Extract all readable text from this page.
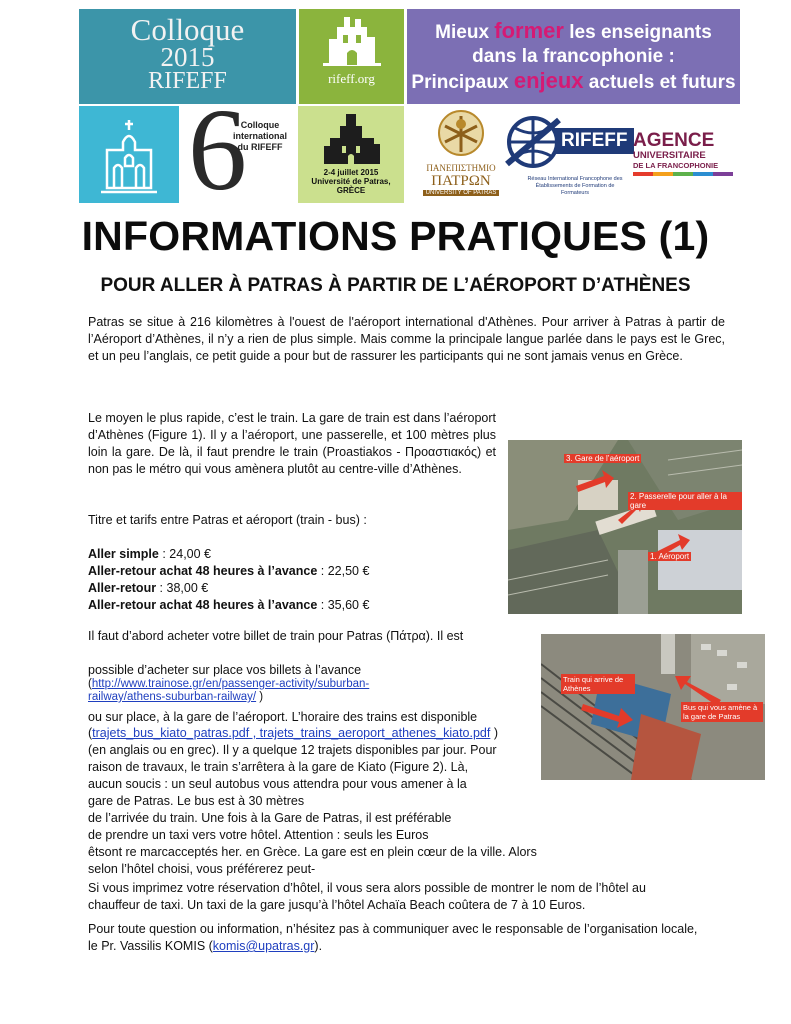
Colloque
2015
RIFEFF	rifeff.org
Mieux former les enseignants
dans la francophonie :
Principaux enjeux actuels et futurs
6
Colloque
international
du RIFEFF
2-4 juillet 2015
Université de Patras, GRÈCE
ΠΑΝΕΠΙΣΤΗΜΙΟ
ΠΑΤΡΩΝ
UNIVERSITY OF PATRAS
RIFEFF
Réseau International Francophone des
Établissements de Formation de Formateurs
AGENCE
UNIVERSITAIRE
DE LA FRANCOPHONIE
INFORMATIONS PRATIQUES (1)
POUR ALLER À PATRAS À PARTIR DE L’AÉROPORT D’ATHÈNES
Patras se situe à 216 kilomètres à l'ouest de l'aéroport international d'Athènes. Pour arriver à Patras à partir de l’Aéroport d’Athènes, il n’y a rien de plus simple. Mais comme la principale langue parlée dans le pays est le Grec, et un peu l’anglais, ce petit guide a pour but de rassurer les participants qui ne sont jamais venus en Grèce.
Le moyen le plus rapide, c’est le train. La gare de train est dans l’aéroport d’Athènes (Figure 1). Il y a l’aéroport, une passerelle, et 100 mètres plus loin la gare. De là, il faut prendre le train (Proastiakos - Προαστιακός) et non pas le métro qui vous amènera plutôt au centre-ville d’Athènes.
3. Gare de l’aéroport
2. Passerelle pour aller à la gare
1. Aéroport
Titre et tarifs entre Patras et aéroport (train - bus) :
Aller simple : 24,00 €
Aller-retour achat 48 heures à l’avance : 22,50 €
Aller-retour : 38,00 €
Aller-retour achat 48 heures à l’avance : 35,60 €
Il faut d’abord acheter votre billet de train pour Patras (Πάτρα). Il est
possible d’acheter sur place vos billets à l’avance
(http://www.trainose.gr/en/passenger-activity/suburban-railway/athens-suburban-railway/ )
Train qui arrive de Athènes
Bus qui vous amène à la gare de Patras
ou sur place, à la gare de l’aéroport. L’horaire des trains est disponible
(trajets_bus_kiato_patras.pdf , trajets_trains_aeroport_athenes_kiato.pdf )
(en anglais ou en grec). Il y a quelque 12 trajets disponibles par jour. Pour
raison de travaux, le train s’arrêtera à la gare de Kiato (Figure 2). Là,
aucun soucis : un seul autobus vous attendra pour vous amener à la
gare de Patras. Le bus est à 30 mètres
de l’arrivée du train. Une fois à la Gare de Patras, il est préférable
de prendre un taxi vers votre hôtel. Attention : seuls les Euros
êtsont re marcacceptés her. en Grèce. La gare est en plein cœur de la ville. Alors
selon l’hôtel choisi, vous préférerez peut-
Si vous imprimez votre réservation d’hôtel, il vous sera alors possible de montrer le nom de l’hôtel au chauffeur de taxi. Un taxi de la gare jusqu’à l’hôtel Achaïa Beach coûtera de 7 à 10 Euros.
Pour toute question ou information, n’hésitez pas à communiquer avec le responsable de l’organisation locale, le Pr. Vassilis KOMIS (komis@upatras.gr).
